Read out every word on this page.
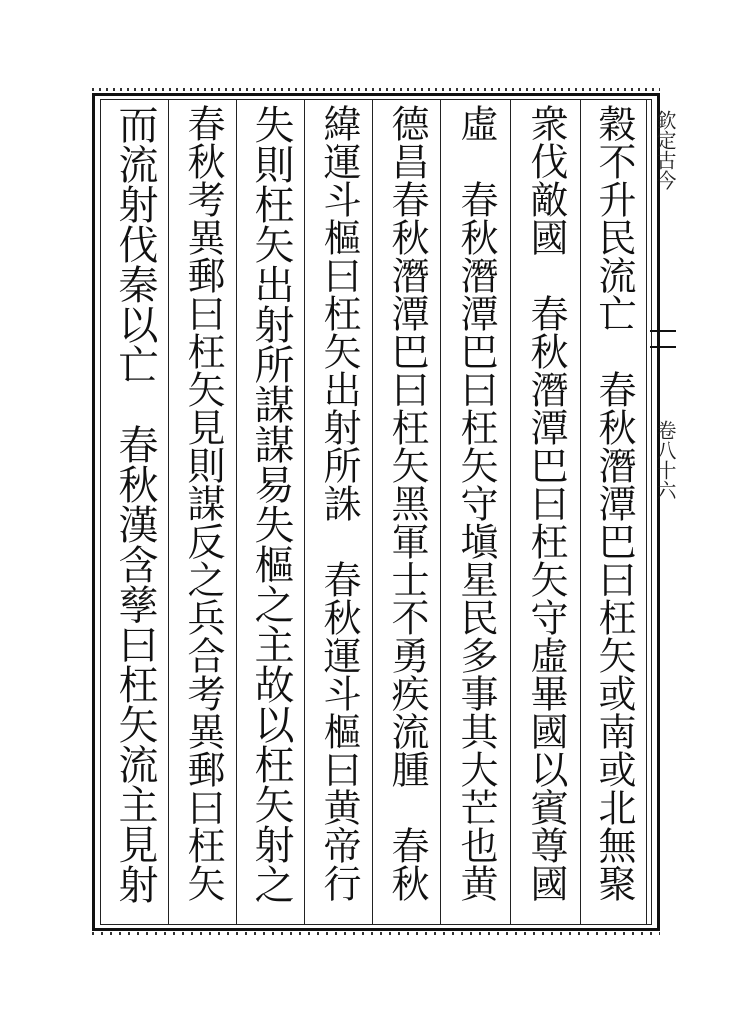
欽定古今
卷八十六
穀不升民流亡　春秋潛潭巴曰枉矢或南或北無聚
衆伐敵國　春秋潛潭巴曰枉矢守虛畢國以賓尊國
虛　春秋潛潭巴曰枉矢守塡星民多事其大芒也黄
德昌春秋潛潭巴曰枉矢黑軍士不勇疾流腫　春秋
緯運斗樞曰枉矢出射所誅　春秋運斗樞曰黄帝行
失則枉矢出射所謀謀易失樞之主故以枉矢射之
春秋考異郵曰枉矢見則謀反之兵合考異郵曰枉矢
而流射伐秦以亡　春秋漢含孳曰枉矢流主見射
